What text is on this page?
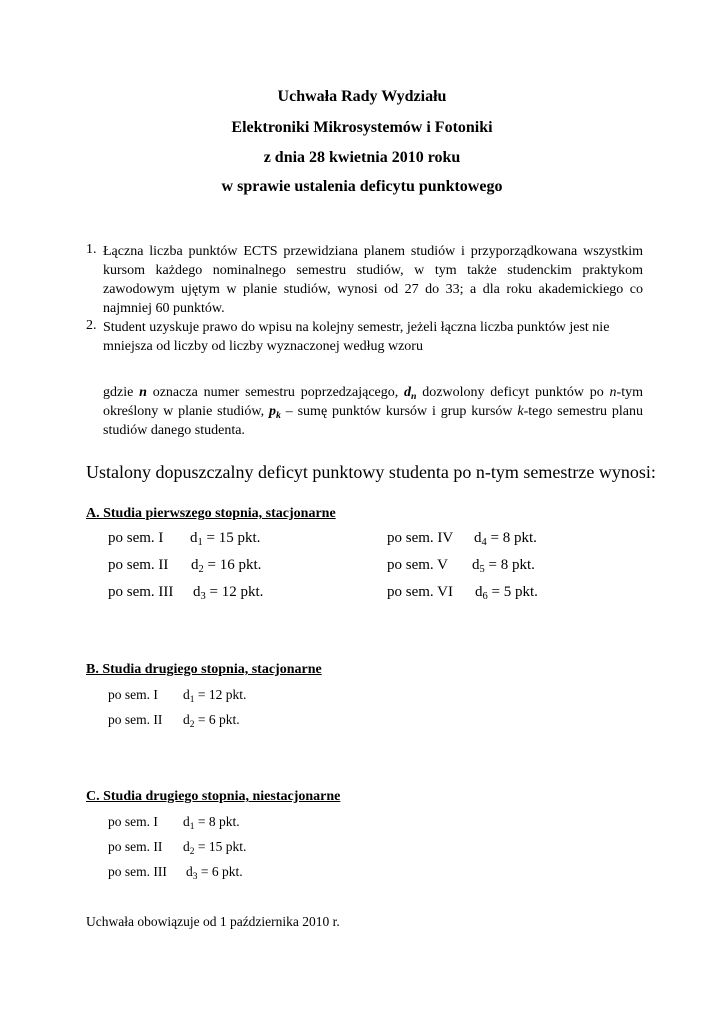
Uchwała Rady Wydziału
Elektroniki Mikrosystemów i Fotoniki
z dnia 28 kwietnia 2010 roku
w sprawie ustalenia deficytu punktowego
1. Łączna liczba punktów ECTS przewidziana planem studiów i przyporządkowana wszystkim kursom każdego nominalnego semestru studiów, w tym także studenckim praktykom zawodowym ujętym w planie studiów, wynosi od 27 do 33; a dla roku akademickiego co najmniej 60 punktów.
2. Student uzyskuje prawo do wpisu na kolejny semestr, jeżeli łączna liczba punktów jest nie mniejsza od liczby od liczby wyznaczonej według wzoru
gdzie n oznacza numer semestru poprzedzającego, $d_n$ dozwolony deficyt punktów po n-tym określony w planie studiów, $p_k$ – sumę punktów kursów i grup kursów k-tego semestru planu studiów danego studenta.
Ustalony dopuszczalny deficyt punktowy studenta po n-tym semestrze wynosi:
A. Studia pierwszego stopnia, stacjonarne
po sem. I $d_1 = 15$ pkt.
po sem. II $d_2 = 16$ pkt.
po sem. III $d_3 = 12$ pkt.
po sem. IV $d_4 = 8$ pkt.
po sem. V $d_5 = 8$ pkt.
po sem. VI $d_6 = 5$ pkt.
B. Studia drugiego stopnia, stacjonarne
po sem. I $d_1 = 12$ pkt.
po sem. II $d_2 = 6$ pkt.
C. Studia drugiego stopnia, niestacjonarne
po sem. I $d_1 = 8$ pkt.
po sem. II $d_2 = 15$ pkt.
po sem. III $d_3 = 6$ pkt.
Uchwała obowiązuje od 1 października 2010 r.
